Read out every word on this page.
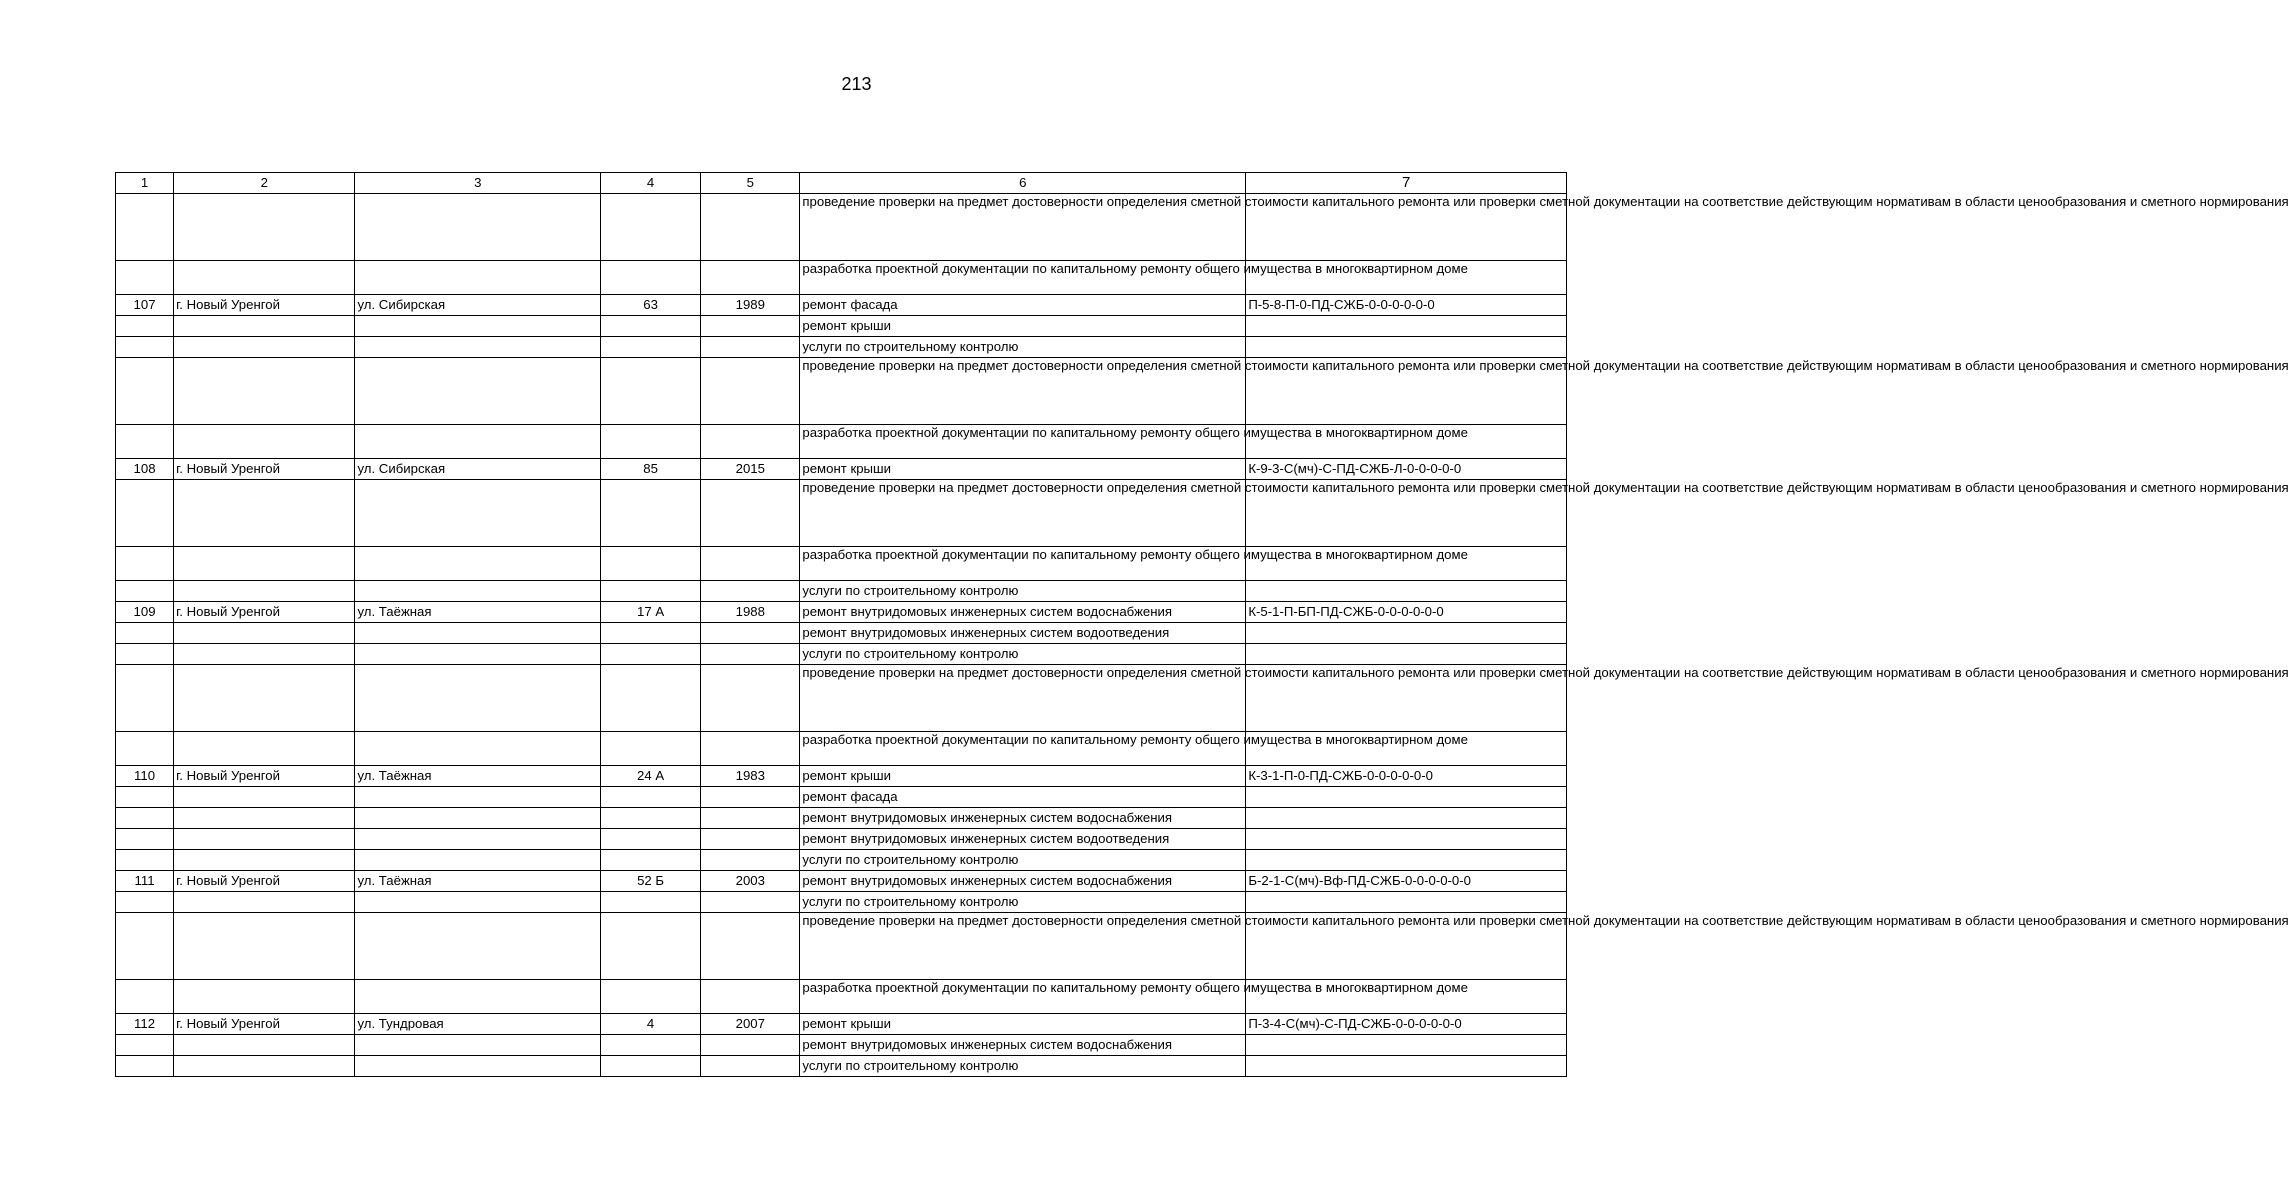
213
1	2	3	4	5	6	7
					проведение проверки на предмет достоверности определения сметной стоимости капитального ремонта или проверки сметной документации на соответствие действующим нормативам в области ценообразования и сметного нормирования	
					разработка проектной документации по капитальному ремонту общего имущества в многоквартирном доме	
107	г. Новый Уренгой	ул. Сибирская	63	1989	ремонт фасада	П-5-8-П-0-ПД-СЖБ-0-0-0-0-0-0
					ремонт крыши	
					услуги по строительному контролю	
					проведение проверки на предмет достоверности определения сметной стоимости капитального ремонта или проверки сметной документации на соответствие действующим нормативам в области ценообразования и сметного нормирования	
					разработка проектной документации по капитальному ремонту общего имущества в многоквартирном доме	
108	г. Новый Уренгой	ул. Сибирская	85	2015	ремонт крыши	К-9-3-С(мч)-С-ПД-СЖБ-Л-0-0-0-0-0
					проведение проверки на предмет достоверности определения сметной стоимости капитального ремонта или проверки сметной документации на соответствие действующим нормативам в области ценообразования и сметного нормирования	
					разработка проектной документации по капитальному ремонту общего имущества в многоквартирном доме	
					услуги по строительному контролю	
109	г. Новый Уренгой	ул. Таёжная	17 А	1988	ремонт внутридомовых инженерных систем водоснабжения	К-5-1-П-БП-ПД-СЖБ-0-0-0-0-0-0
					ремонт внутридомовых инженерных систем водоотведения	
					услуги по строительному контролю	
					проведение проверки на предмет достоверности определения сметной стоимости капитального ремонта или проверки сметной документации на соответствие действующим нормативам в области ценообразования и сметного нормирования	
					разработка проектной документации по капитальному ремонту общего имущества в многоквартирном доме	
110	г. Новый Уренгой	ул. Таёжная	24 А	1983	ремонт крыши	К-3-1-П-0-ПД-СЖБ-0-0-0-0-0-0
					ремонт фасада	
					ремонт внутридомовых инженерных систем водоснабжения	
					ремонт внутридомовых инженерных систем водоотведения	
					услуги по строительному контролю	
111	г. Новый Уренгой	ул. Таёжная	52 Б	2003	ремонт внутридомовых инженерных систем водоснабжения	Б-2-1-С(мч)-Вф-ПД-СЖБ-0-0-0-0-0-0
					услуги по строительному контролю	
					проведение проверки на предмет достоверности определения сметной стоимости капитального ремонта или проверки сметной документации на соответствие действующим нормативам в области ценообразования и сметного нормирования	
					разработка проектной документации по капитальному ремонту общего имущества в многоквартирном доме	
112	г. Новый Уренгой	ул. Тундровая	4	2007	ремонт крыши	П-3-4-С(мч)-С-ПД-СЖБ-0-0-0-0-0-0
					ремонт внутридомовых инженерных систем водоснабжения	
					услуги по строительному контролю	
